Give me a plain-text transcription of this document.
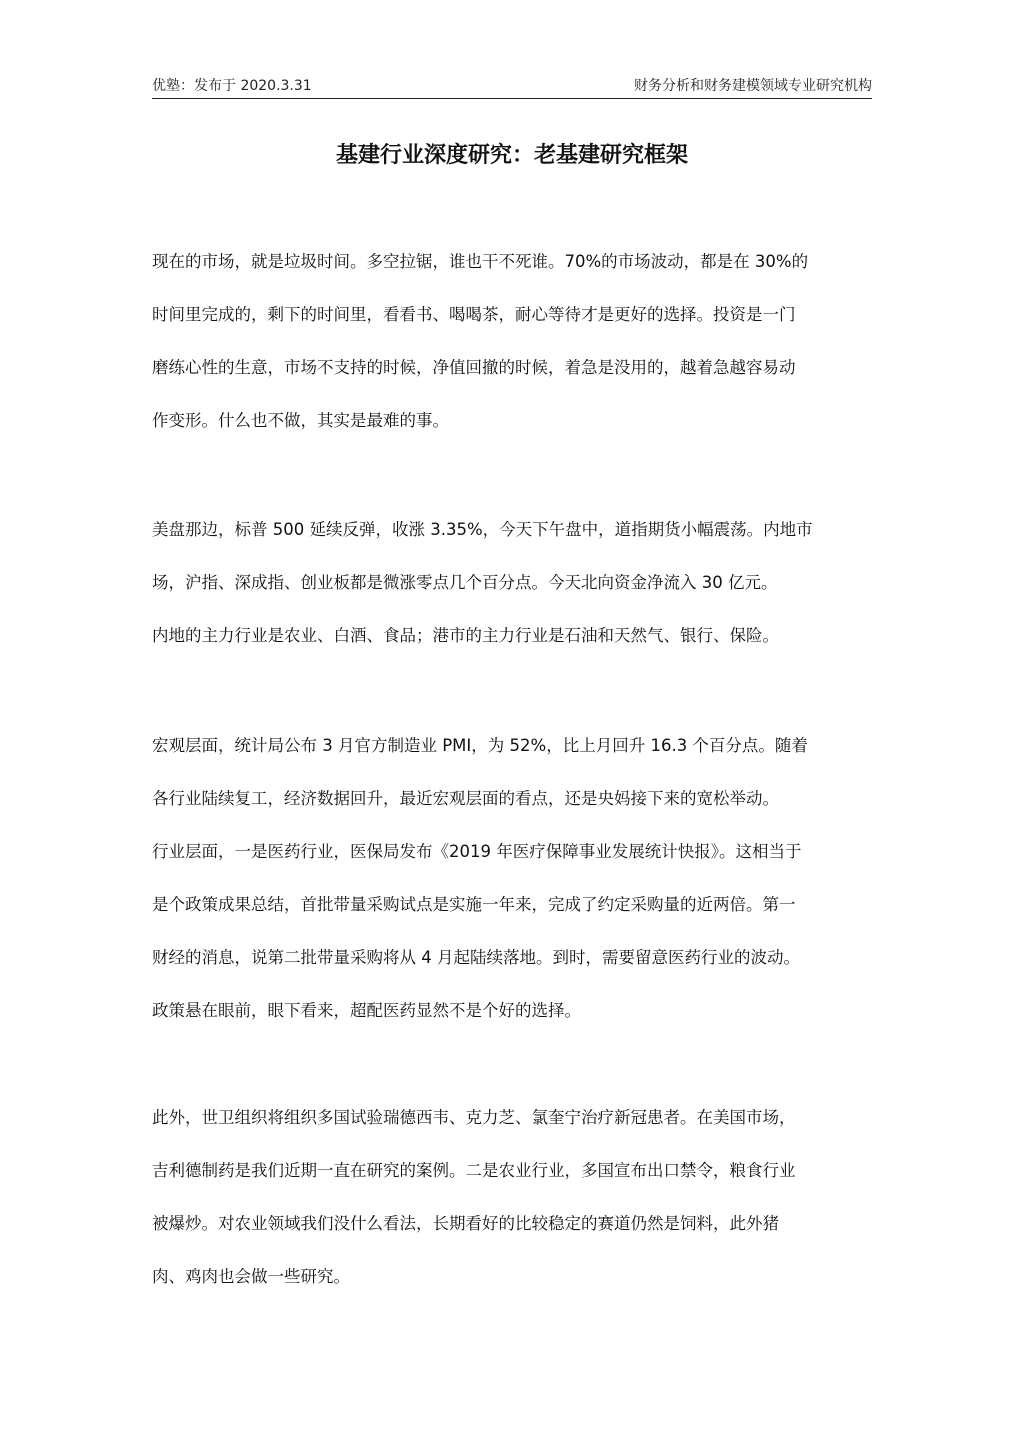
优塾：发布于 2020.3.31	财务分析和财务建模领域专业研究机构
基建行业深度研究：老基建研究框架
现在的市场，就是垃圾时间。多空拉锯，谁也干不死谁。70%的市场波动，都是在 30%的
时间里完成的，剩下的时间里，看看书、喝喝茶，耐心等待才是更好的选择。投资是一门
磨练心性的生意，市场不支持的时候，净值回撤的时候，着急是没用的，越着急越容易动
作变形。什么也不做，其实是最难的事。
美盘那边，标普 500 延续反弹，收涨 3.35%，今天下午盘中，道指期货小幅震荡。内地市
场，沪指、深成指、创业板都是微涨零点几个百分点。今天北向资金净流入 30 亿元。
内地的主力行业是农业、白酒、食品；港市的主力行业是石油和天然气、银行、保险。
宏观层面，统计局公布 3 月官方制造业 PMI，为 52%，比上月回升 16.3 个百分点。随着
各行业陆续复工，经济数据回升，最近宏观层面的看点，还是央妈接下来的宽松举动。
行业层面，一是医药行业，医保局发布《2019 年医疗保障事业发展统计快报》。这相当于
是个政策成果总结，首批带量采购试点是实施一年来，完成了约定采购量的近两倍。第一
财经的消息，说第二批带量采购将从 4 月起陆续落地。到时，需要留意医药行业的波动。
政策悬在眼前，眼下看来，超配医药显然不是个好的选择。
此外，世卫组织将组织多国试验瑞德西韦、克力芝、氯奎宁治疗新冠患者。在美国市场，
吉利德制药是我们近期一直在研究的案例。二是农业行业，多国宣布出口禁令，粮食行业
被爆炒。对农业领域我们没什么看法，长期看好的比较稳定的赛道仍然是饲料，此外猪
肉、鸡肉也会做一些研究。
